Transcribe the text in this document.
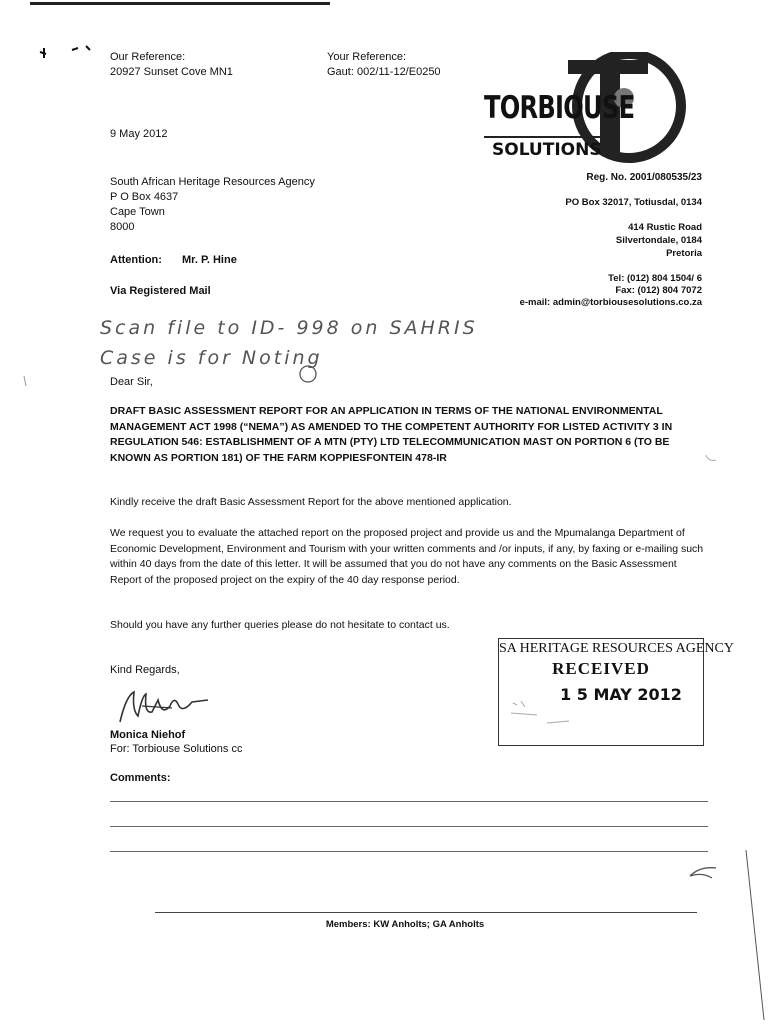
Our Reference:
20927 Sunset Cove MN1
Your Reference:
Gaut: 002/11-12/E0250
TORBIOUSE
SOLUTIONS
9 May 2012
South African Heritage Resources Agency
P O Box 4637
Cape Town
8000
Attention: Mr. P. Hine
Via Registered Mail
Reg. No. 2001/080535/23
PO Box 32017, Totiusdal, 0134
414 Rustic Road
Silvertondale, 0184
Pretoria
Tel: (012) 804 1504/ 6
Fax: (012) 804 7072
e-mail: admin@torbiousesolutions.co.za
Scan file to ID- 998 on SAHRIS
Case is for Noting
Dear Sir,
DRAFT BASIC ASSESSMENT REPORT FOR AN APPLICATION IN TERMS OF THE NATIONAL ENVIRONMENTAL MANAGEMENT ACT 1998 (“NEMA”) AS AMENDED TO THE COMPETENT AUTHORITY FOR LISTED ACTIVITY 3 IN REGULATION 546: ESTABLISHMENT OF A MTN (PTY) LTD TELECOMMUNICATION MAST ON PORTION 6 (TO BE KNOWN AS PORTION 181) OF THE FARM KOPPIESFONTEIN 478-IR
Kindly receive the draft Basic Assessment Report for the above mentioned application.
We request you to evaluate the attached report on the proposed project and provide us and the Mpumalanga Department of Economic Development, Environment and Tourism with your written comments and /or inputs, if any, by faxing or e-mailing such within 40 days from the date of this letter. It will be assumed that you do not have any comments on the Basic Assessment Report of the proposed project on the expiry of the 40 day response period.
Should you have any further queries please do not hesitate to contact us.
Kind Regards,
Monica Niehof
For: Torbiouse Solutions cc
SA HERITAGE RESOURCES AGENCY
RECEIVED
1 5 MAY 2012
Comments:
Members: KW Anholts; GA Anholts
